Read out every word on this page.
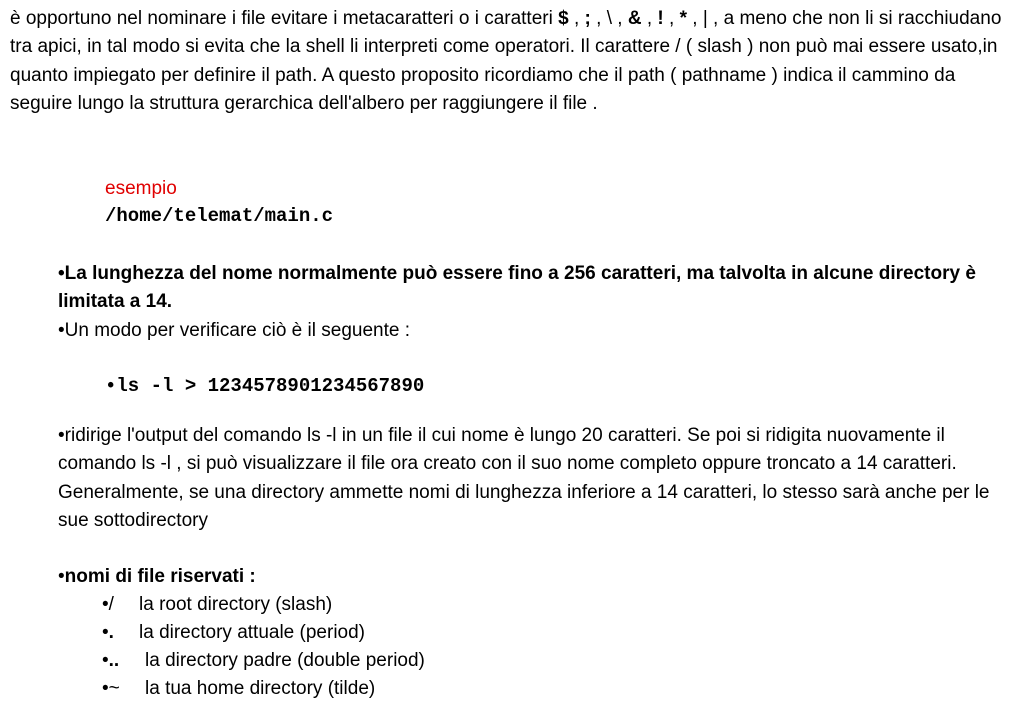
è opportuno nel nominare i file evitare i metacaratteri o i caratteri $ , ; , \ , & , ! , * , | , a meno che non li si racchiudano tra apici, in tal modo si evita che la shell li interpreti come operatori. Il carattere / ( slash ) non può mai essere usato,in quanto impiegato per definire il path. A questo proposito ricordiamo che il path ( pathname ) indica il cammino da seguire lungo la struttura gerarchica dell'albero per raggiungere il file .
esempio
/home/telemat/main.c
•La lunghezza del nome normalmente può essere fino a 256 caratteri, ma talvolta in alcune directory è limitata a 14.
•Un modo per verificare ciò è il seguente :
•ls -l > 1234578901234567890
•ridirige l'output del comando ls -l in un file il cui nome è lungo 20 caratteri. Se poi si ridigita nuovamente il comando ls -l , si può visualizzare il file ora creato con il suo nome completo oppure troncato a 14 caratteri. Generalmente, se una directory ammette nomi di lunghezza inferiore a 14 caratteri, lo stesso sarà anche per le sue sottodirectory
•nomi di file riservati :
•/ la root directory (slash)
•. la directory attuale (period)
•.. la directory padre (double period)
•~ la tua home directory (tilde)
